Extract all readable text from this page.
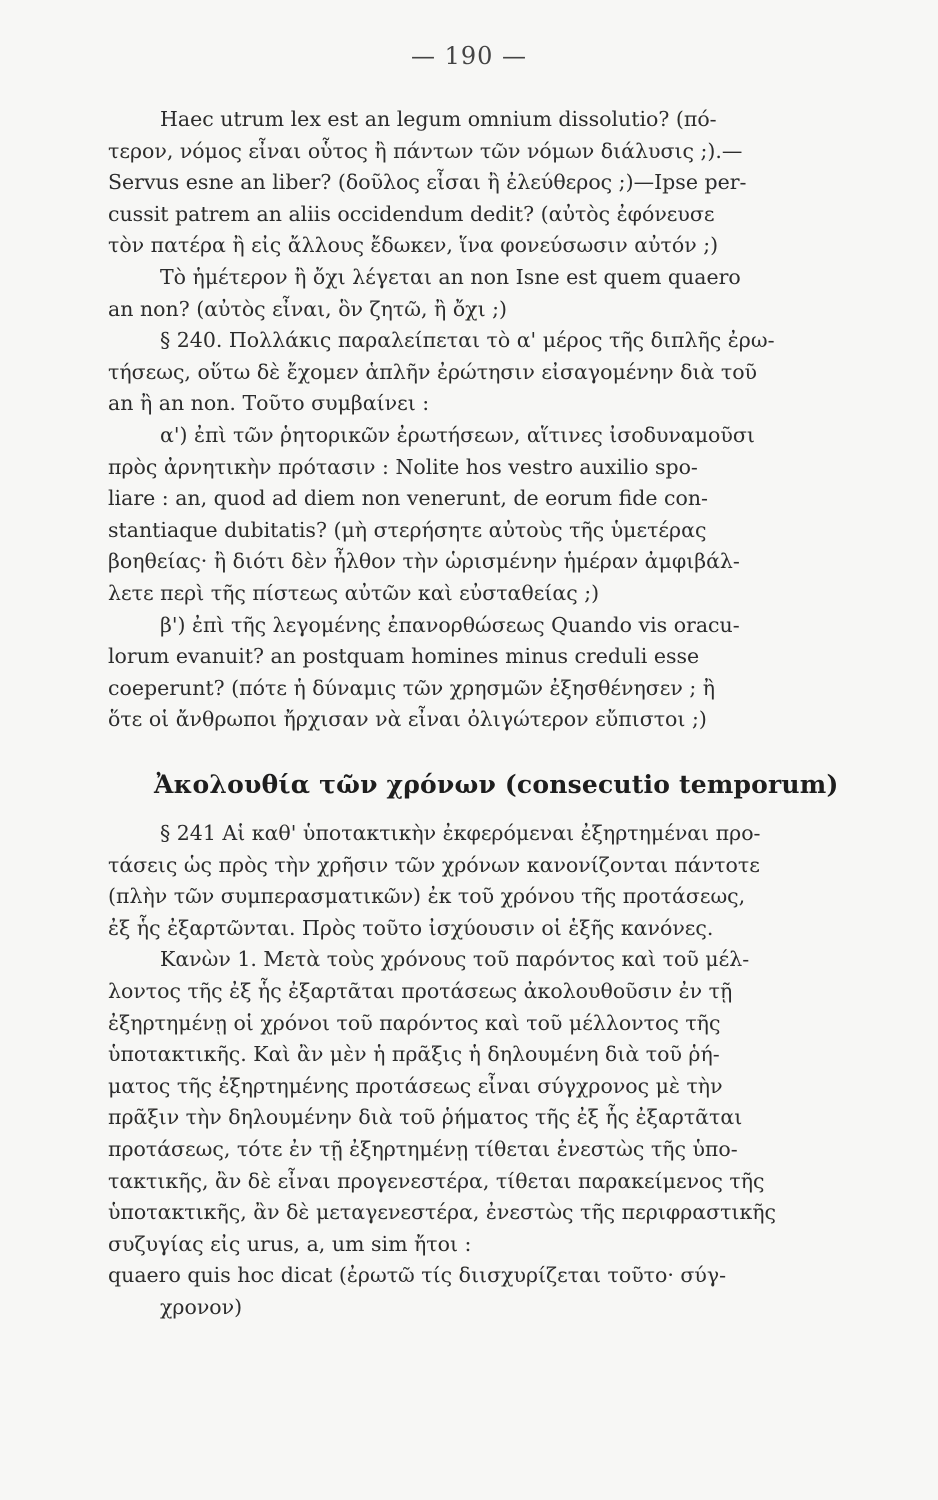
— 190 —
Haec utrum lex est an legum omnium dissolutio? (πό-
τερον, νόμος εἶναι οὗτος ἢ πάντων τῶν νόμων διάλυσις ;).—
Servus esne an liber? (δοῦλος εἶσαι ἢ ἐλεύθερος ;)—Ipse per-
cussit patrem an aliis occidendum dedit? (αὐτὸς ἐφόνευσε
τὸν πατέρα ἢ εἰς ἄλλους ἔδωκεν, ἵνα φονεύσωσιν αὐτόν ;)
Τὸ ἡμέτερον ἢ ὄχι λέγεται an non Isne est quem quaero
an non? (αὐτὸς εἶναι, ὃν ζητῶ, ἢ ὄχι ;)
§ 240. Πολλάκις παραλείπεται τὸ α' μέρος τῆς διπλῆς ἐρω-
τήσεως, οὕτω δὲ ἔχομεν ἁπλῆν ἐρώτησιν εἰσαγομένην διὰ τοῦ
an ἢ an non. Τοῦτο συμβαίνει :
α') ἐπὶ τῶν ῥητορικῶν ἐρωτήσεων, αἵτινες ἰσοδυναμοῦσι
πρὸς ἀρνητικὴν πρότασιν : Nolite hos vestro auxilio spo-
liare : an, quod ad diem non venerunt, de eorum fide con-
stantiaque dubitatis? (μὴ στερήσητε αὐτοὺς τῆς ὑμετέρας
βοηθείας· ἢ διότι δὲν ἦλθον τὴν ὡρισμένην ἡμέραν ἀμφιβάλ-
λετε περὶ τῆς πίστεως αὐτῶν καὶ εὐσταθείας ;)
β') ἐπὶ τῆς λεγομένης ἐπανορθώσεως Quando vis oracu-
lorum evanuit? an postquam homines minus creduli esse
coeperunt? (πότε ἡ δύναμις τῶν χρησμῶν ἐξησθένησεν ; ἢ
ὅτε οἱ ἄνθρωποι ἤρχισαν νὰ εἶναι ὀλιγώτερον εὔπιστοι ;)
Ἀκολουθία τῶν χρόνων (consecutio temporum)
§ 241 Αἱ καθ' ὑποτακτικὴν ἐκφερόμεναι ἐξηρτημέναι προ-
τάσεις ὡς πρὸς τὴν χρῆσιν τῶν χρόνων κανονίζονται πάντοτε
(πλὴν τῶν συμπερασματικῶν) ἐκ τοῦ χρόνου τῆς προτάσεως,
ἐξ ἧς ἐξαρτῶνται. Πρὸς τοῦτο ἰσχύουσιν οἱ ἑξῆς κανόνες.
Κανὼν 1. Μετὰ τοὺς χρόνους τοῦ παρόντος καὶ τοῦ μέλ-
λοντος τῆς ἐξ ἧς ἐξαρτᾶται προτάσεως ἀκολουθοῦσιν ἐν τῇ
ἐξηρτημένῃ οἱ χρόνοι τοῦ παρόντος καὶ τοῦ μέλλοντος τῆς
ὑποτακτικῆς. Καὶ ἂν μὲν ἡ πρᾶξις ἡ δηλουμένη διὰ τοῦ ῥή-
ματος τῆς ἐξηρτημένης προτάσεως εἶναι σύγχρονος μὲ τὴν
πρᾶξιν τὴν δηλουμένην διὰ τοῦ ῥήματος τῆς ἐξ ἧς ἐξαρτᾶται
προτάσεως, τότε ἐν τῇ ἐξηρτημένῃ τίθεται ἐνεστὼς τῆς ὑπο-
τακτικῆς, ἂν δὲ εἶναι προγενεστέρα, τίθεται παρακείμενος τῆς
ὑποτακτικῆς, ἂν δὲ μεταγενεστέρα, ἐνεστὼς τῆς περιφραστικῆς
συζυγίας εἰς urus, a, um sim ἤτοι :
quaero quis hoc dicat (ἐρωτῶ τίς διισχυρίζεται τοῦτο· σύγ-
χρονον)
